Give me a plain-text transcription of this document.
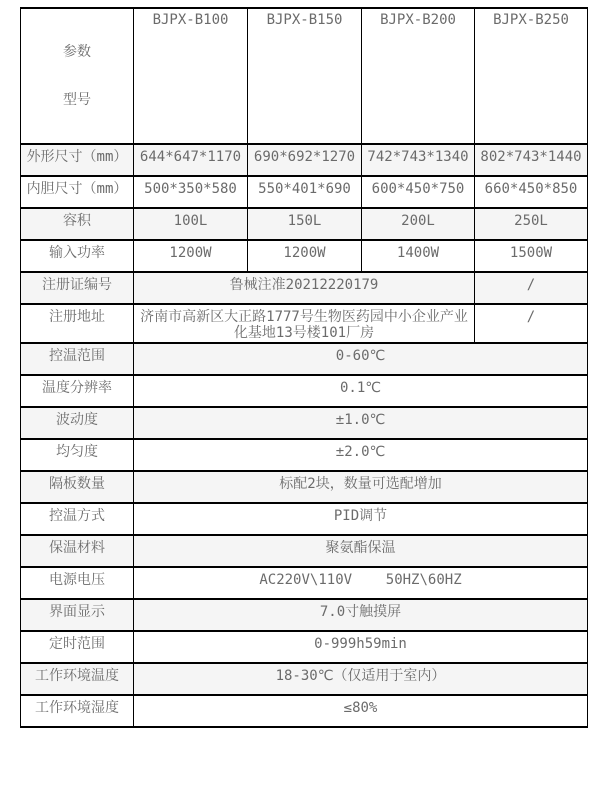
参数

型号	BJPX-B100	BJPX-B150	BJPX-B200	BJPX-B250
外形尺寸（mm）	644*647*1170	690*692*1270	742*743*1340	802*743*1440
内胆尺寸（mm）	500*350*580	550*401*690	600*450*750	660*450*850
容积	100L	150L	200L	250L
输入功率	1200W	1200W	1400W	1500W
注册证编号	鲁械注准20212220179			/
注册地址	济南市高新区大正路1777号生物医药园中小企业产业化基地13号楼101厂房			/
控温范围	0-60℃			
温度分辨率	0.1℃			
波动度	±1.0℃			
均匀度	±2.0℃			
隔板数量	标配2块，数量可选配增加			
控温方式	PID调节			
保温材料	聚氨酯保温			
电源电压	AC220V\110V    50HZ\60HZ			
界面显示	7.0寸触摸屏			
定时范围	0-999h59min			
工作环境温度	18-30℃（仅适用于室内）			
工作环境湿度	≤80%			
